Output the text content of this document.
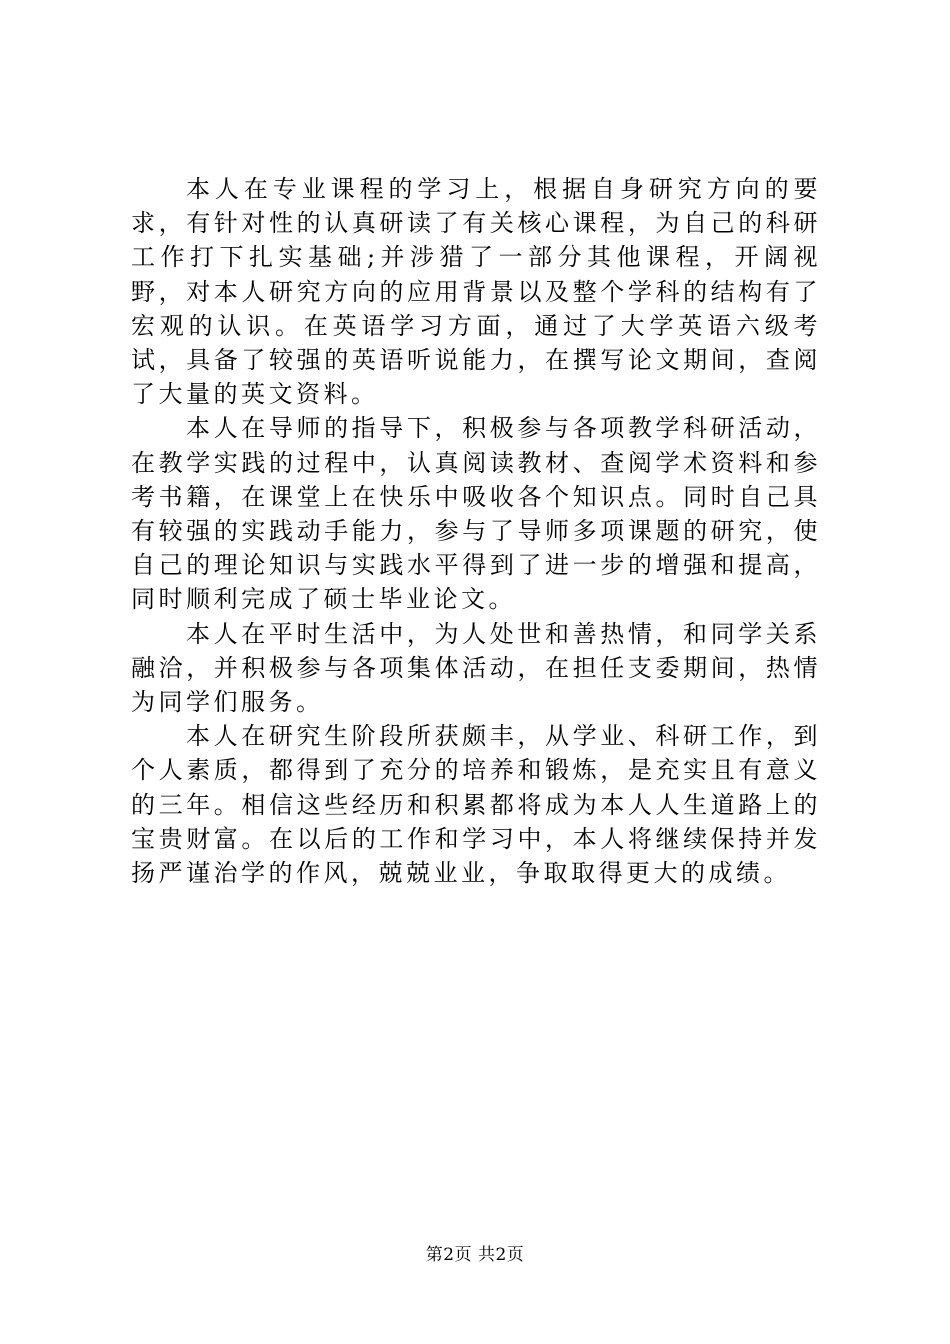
本人在专业课程的学习上，根据自身研究方向的要求，有针对性的认真研读了有关核心课程，为自己的科研工作打下扎实基础;并涉猎了一部分其他课程，开阔视野，对本人研究方向的应用背景以及整个学科的结构有了宏观的认识。在英语学习方面，通过了大学英语六级考试，具备了较强的英语听说能力，在撰写论文期间，查阅了大量的英文资料。

本人在导师的指导下，积极参与各项教学科研活动，在教学实践的过程中，认真阅读教材、查阅学术资料和参考书籍，在课堂上在快乐中吸收各个知识点。同时自己具有较强的实践动手能力，参与了导师多项课题的研究，使自己的理论知识与实践水平得到了进一步的增强和提高，同时顺利完成了硕士毕业论文。

本人在平时生活中，为人处世和善热情，和同学关系融洽，并积极参与各项集体活动，在担任支委期间，热情为同学们服务。

本人在研究生阶段所获颇丰，从学业、科研工作，到个人素质，都得到了充分的培养和锻炼，是充实且有意义的三年。相信这些经历和积累都将成为本人人生道路上的宝贵财富。在以后的工作和学习中，本人将继续保持并发扬严谨治学的作风，兢兢业业，争取取得更大的成绩。

第2页 共2页
